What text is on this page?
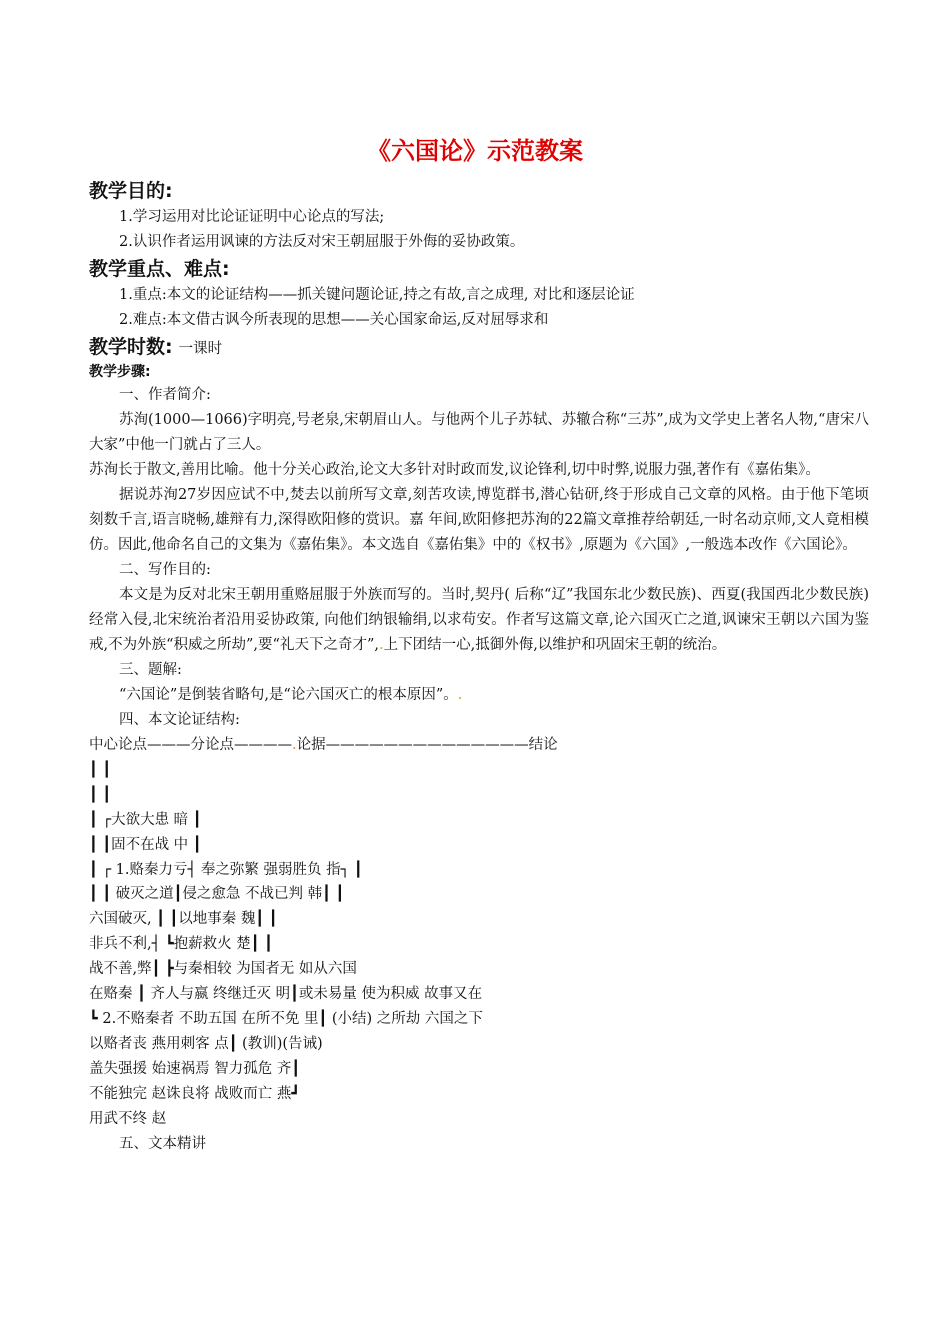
《六国论》示范教案
教学目的:
1.学习运用对比论证证明中心论点的写法;
2.认识作者运用讽谏的方法反对宋王朝屈服于外侮的妥协政策。
教学重点、难点:
1.重点:本文的论证结构——抓关键问题论证,持之有故,言之成理, 对比和逐层论证
2.难点:本文借古讽今所表现的思想——关心国家命运,反对屈辱求和
教学时数: 一课时
教学步骤:
一、作者简介:
苏洵(1000—1066)字明亮,号老泉,宋朝眉山人。与他两个儿子苏轼、苏辙合称“三苏”,成为文学史上著名人物,“唐宋八大家”中他一门就占了三人。
苏洵长于散文,善用比喻。他十分关心政治,论文大多针对时政而发,议论锋利,切中时弊,说服力强,著作有《嘉佑集》。
据说苏洵27岁因应试不中,焚去以前所写文章,刻苦攻读,博览群书,潜心钻研,终于形成自己文章的风格。由于他下笔顷刻数千言,语言晓畅,雄辩有力,深得欧阳修的赏识。嘉 年间,欧阳修把苏洵的22篇文章推荐给朝廷,一时名动京师,文人竟相模仿。因此,他命名自己的文集为《嘉佑集》。本文选自《嘉佑集》中的《权书》,原题为《六国》,一般选本改作《六国论》。
二、写作目的:
本文是为反对北宋王朝用重赂屈服于外族而写的。当时,契丹( 后称“辽”我国东北少数民族)、西夏(我国西北少数民族)经常入侵,北宋统治者沿用妥协政策, 向他们纳银输绢,以求苟安。作者写这篇文章,论六国灭亡之道,讽谏宋王朝以六国为鉴戒,不为外族“积威之所劫”,要“礼天下之奇才”,.上下团结一心,抵御外侮,以维护和巩固宋王朝的统治。
三、题解:
“六国论”是倒装省略句,是“论六国灭亡的根本原因”。.
四、本文论证结构:
中心论点———分论点————.论据——————————————结论
┃ ┃
┃ ┃
┃ ┌大欲大患 暗 ┃
┃ ┃固不在战 中 ┃
┃ ┌ 1.赂秦力亏┤ 奉之弥繁 强弱胜负 指┐ ┃
┃ ┃ 破灭之道┃侵之愈急 不战已判 韩┃ ┃
六国破灭, ┃ ┃以地事秦 魏┃ ┃
非兵不利,┤ ┗抱薪救火 楚┃ ┃
战不善,弊┃ ┣与秦相较 为国者无 如从六国
在赂秦 ┃ 齐人与嬴 终继迁灭 明┃或未易量 使为积威 故事又在
┗ 2.不赂秦者 不助五国 在所不免 里┃ (小结) 之所劫 六国之下
以赂者丧 燕用刺客 点┃ (教训)(告诫)
盖失强援 始速祸焉 智力孤危 齐┃
不能独完 赵诛良将 战败而亡 燕┛
用武不终 赵
五、文本精讲
